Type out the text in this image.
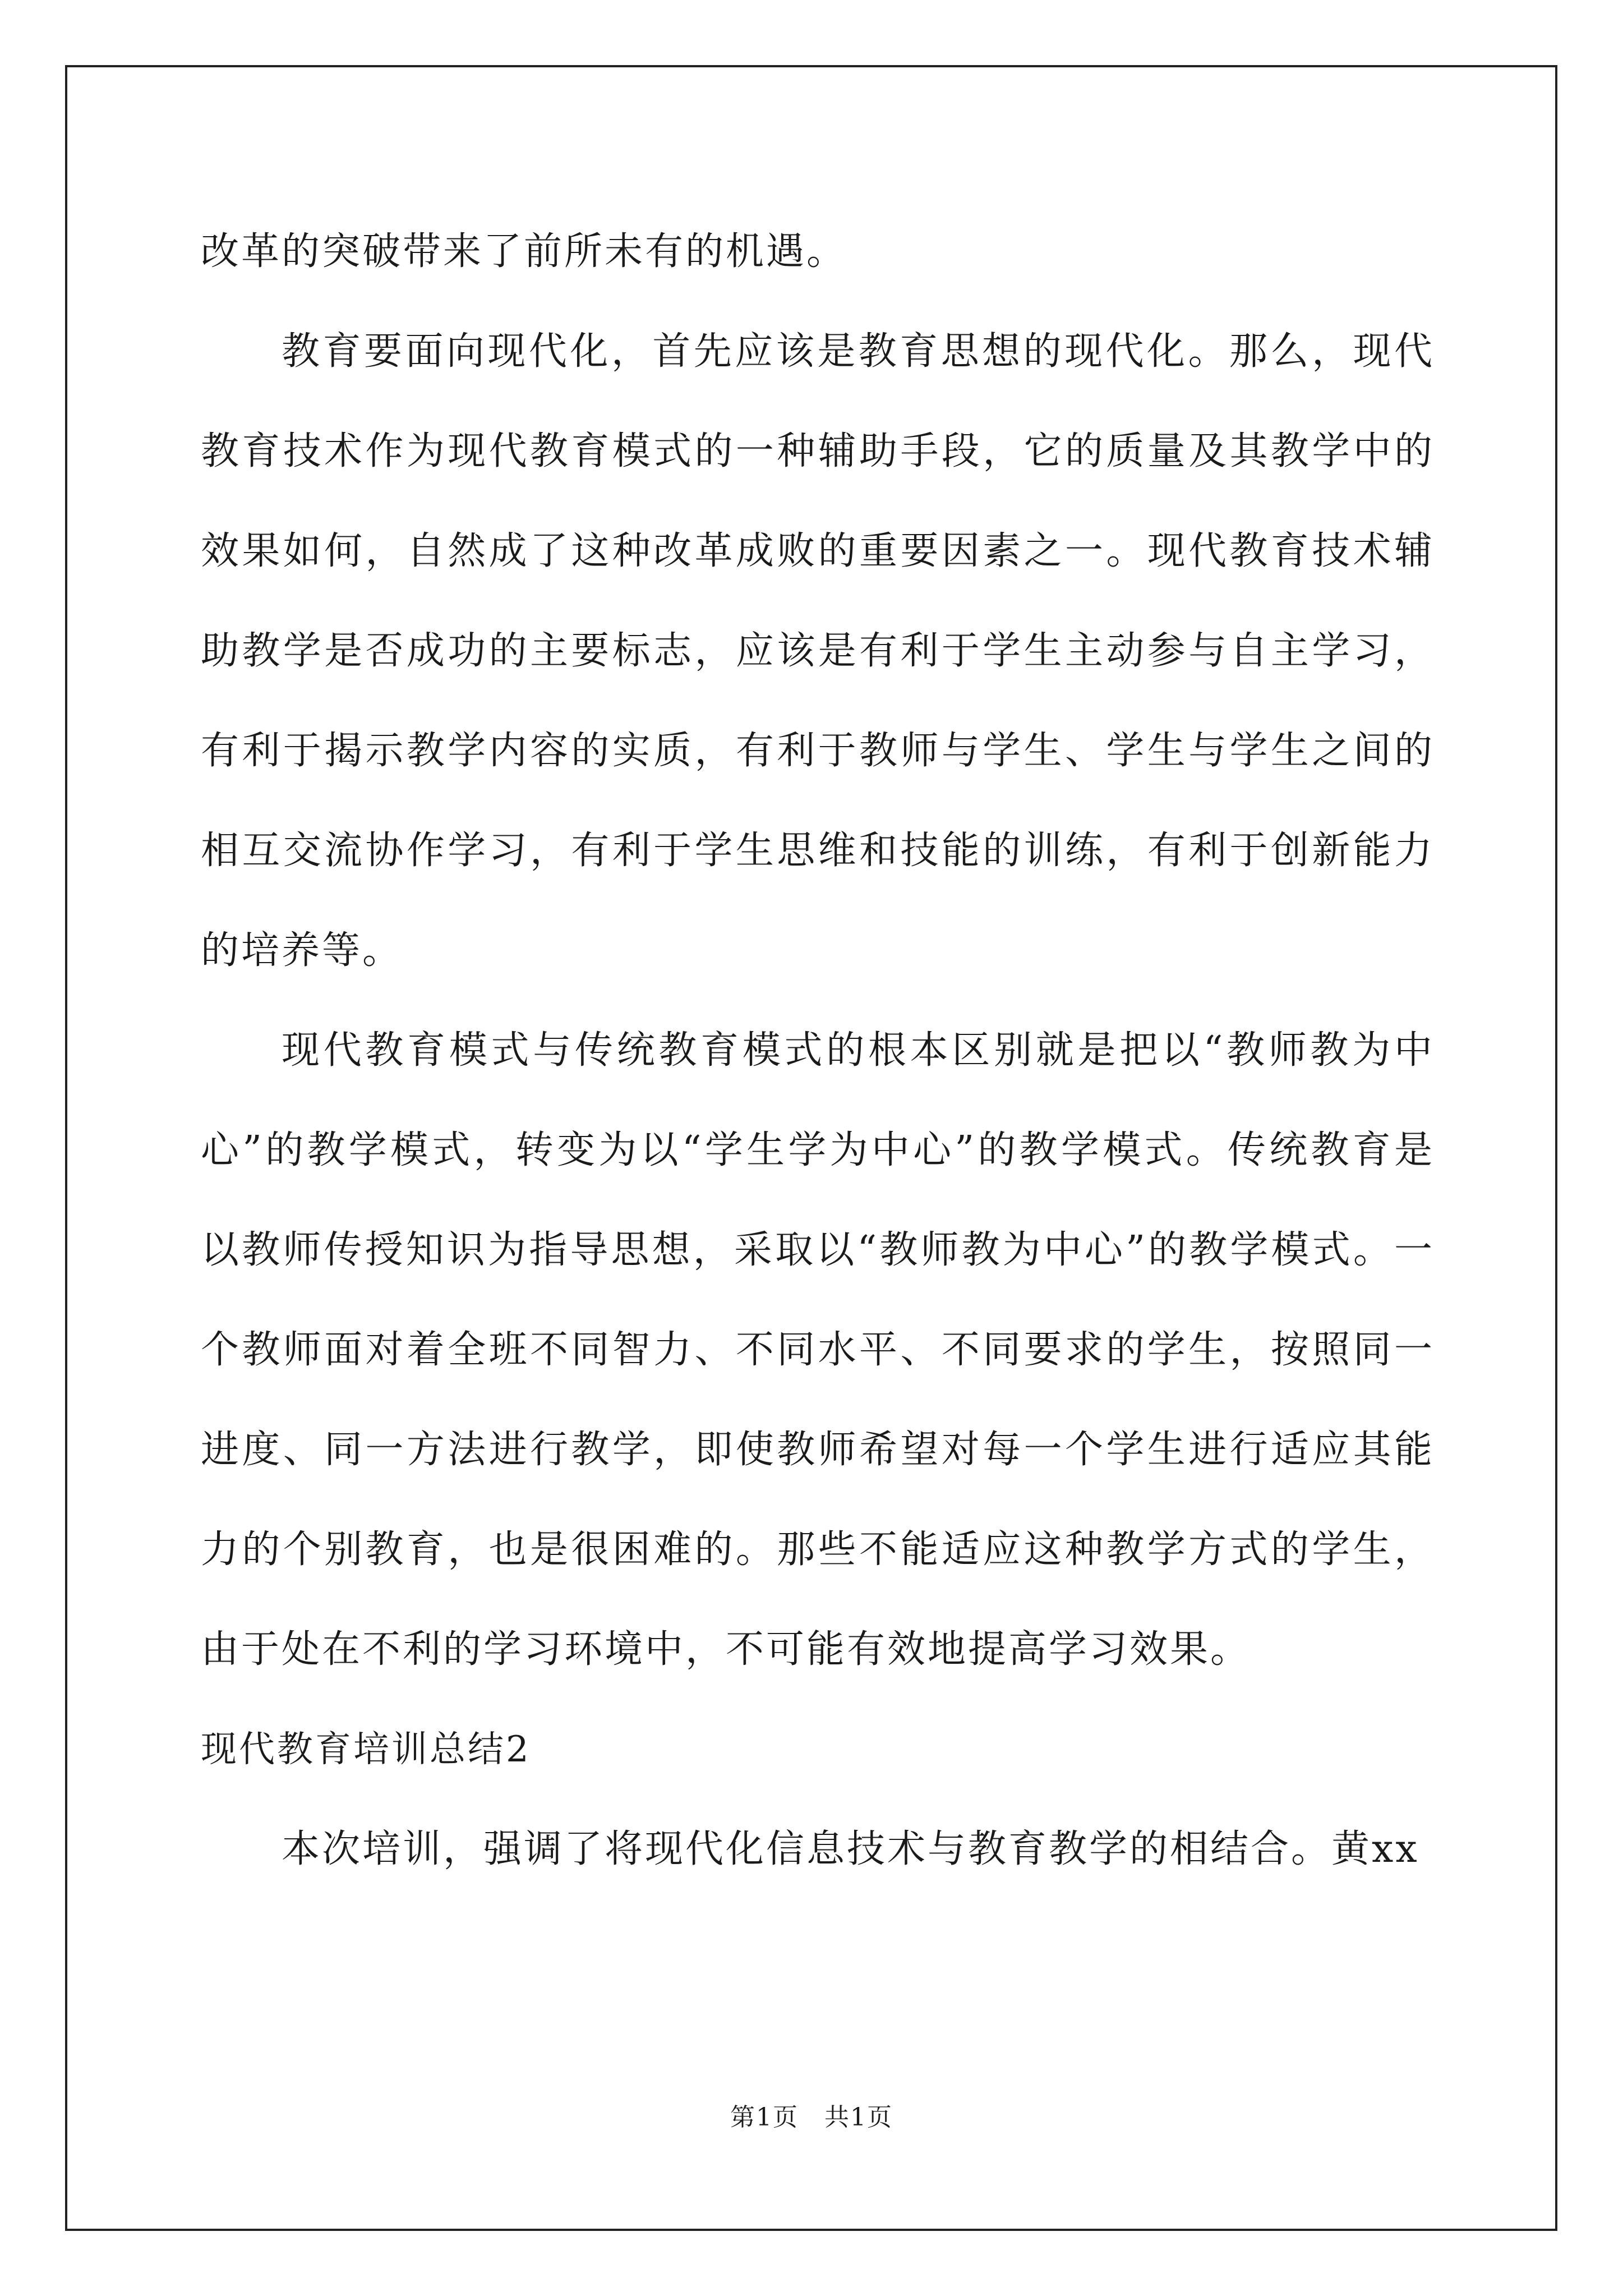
改革的突破带来了前所未有的机遇。

教育要面向现代化，首先应该是教育思想的现代化。那么，现代教育技术作为现代教育模式的一种辅助手段，它的质量及其教学中的效果如何，自然成了这种改革成败的重要因素之一。现代教育技术辅助教学是否成功的主要标志，应该是有利于学生主动参与自主学习，有利于揭示教学内容的实质，有利于教师与学生、学生与学生之间的相互交流协作学习，有利于学生思维和技能的训练，有利于创新能力的培养等。

现代教育模式与传统教育模式的根本区别就是把以“教师教为中心”的教学模式，转变为以“学生学为中心”的教学模式。传统教育是以教师传授知识为指导思想，采取以“教师教为中心”的教学模式。一个教师面对着全班不同智力、不同水平、不同要求的学生，按照同一进度、同一方法进行教学，即使教师希望对每一个学生进行适应其能力的个别教育，也是很困难的。那些不能适应这种教学方式的学生，由于处在不利的学习环境中，不可能有效地提高学习效果。

现代教育培训总结2

本次培训，强调了将现代化信息技术与教育教学的相结合。黄xx

第1页　共1页
